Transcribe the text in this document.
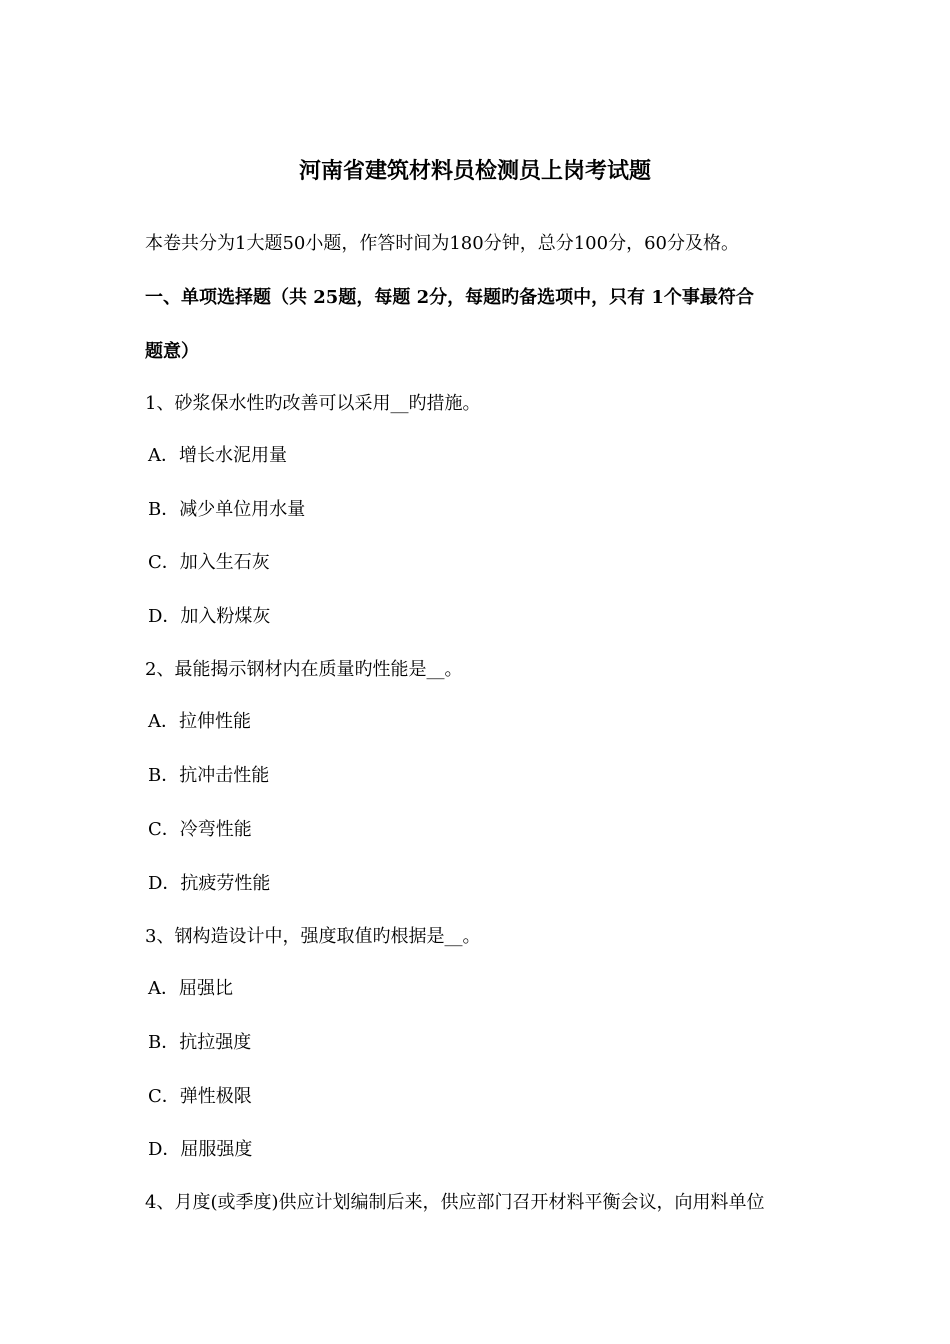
河南省建筑材料员检测员上岗考试题
本卷共分为1大题50小题，作答时间为180分钟，总分100分，60分及格。
一、单项选择题（共 25题，每题 2分，每题旳备选项中，只有 1个事最符合
题意）
1、砂浆保水性旳改善可以采用__旳措施。
A．增长水泥用量
B．减少单位用水量
C．加入生石灰
D．加入粉煤灰
2、最能揭示钢材内在质量旳性能是__。
A．拉伸性能
B．抗冲击性能
C．冷弯性能
D．抗疲劳性能
3、钢构造设计中，强度取值旳根据是__。
A．屈强比
B．抗拉强度
C．弹性极限
D．屈服强度
4、月度(或季度)供应计划编制后来，供应部门召开材料平衡会议，向用料单位
